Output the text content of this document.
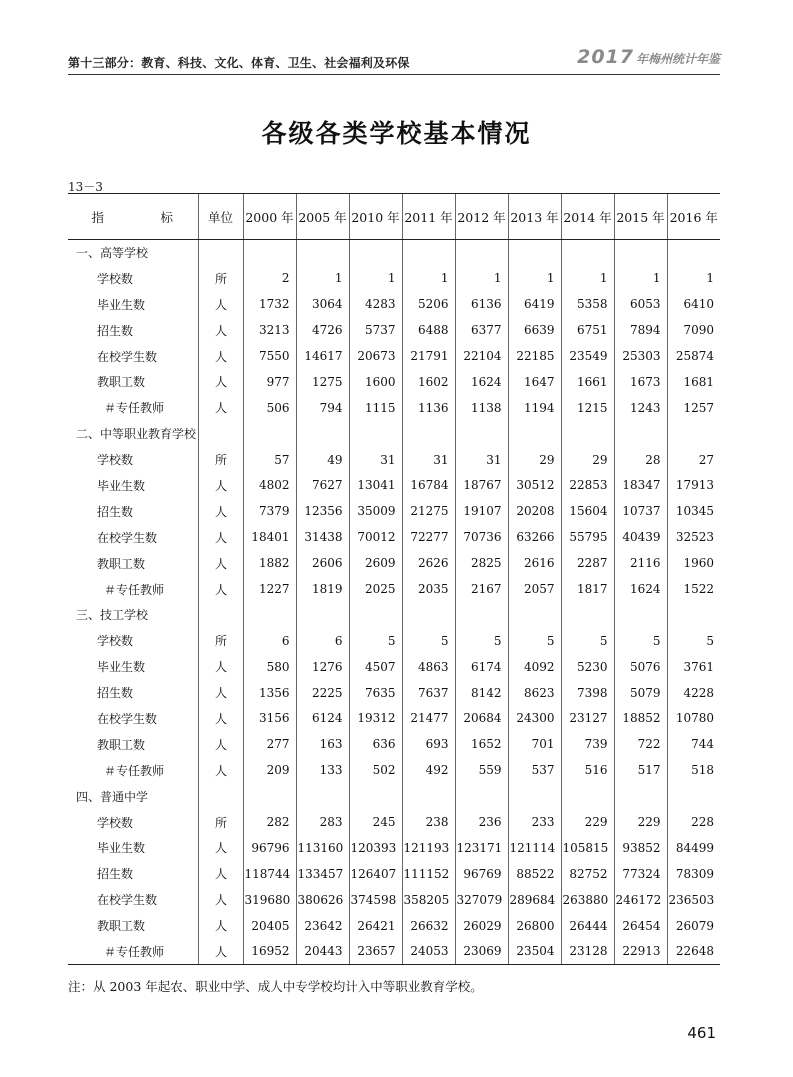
第十三部分：教育、科技、文化、体育、卫生、社会福利及环保	2017 年梅州统计年鉴
各级各类学校基本情况
13－3
指　标	单位	2000 年	2005 年	2010 年	2011 年	2012 年	2013 年	2014 年	2015 年	2016 年
一、高等学校										
学校数	所	2	1	1	1	1	1	1	1	1
毕业生数	人	1732	3064	4283	5206	6136	6419	5358	6053	6410
招生数	人	3213	4726	5737	6488	6377	6639	6751	7894	7090
在校学生数	人	7550	14617	20673	21791	22104	22185	23549	25303	25874
教职工数	人	977	1275	1600	1602	1624	1647	1661	1673	1681
＃专任教师	人	506	794	1115	1136	1138	1194	1215	1243	1257
二、中等职业教育学校										
学校数	所	57	49	31	31	31	29	29	28	27
毕业生数	人	4802	7627	13041	16784	18767	30512	22853	18347	17913
招生数	人	7379	12356	35009	21275	19107	20208	15604	10737	10345
在校学生数	人	18401	31438	70012	72277	70736	63266	55795	40439	32523
教职工数	人	1882	2606	2609	2626	2825	2616	2287	2116	1960
＃专任教师	人	1227	1819	2025	2035	2167	2057	1817	1624	1522
三、技工学校										
学校数	所	6	6	5	5	5	5	5	5	5
毕业生数	人	580	1276	4507	4863	6174	4092	5230	5076	3761
招生数	人	1356	2225	7635	7637	8142	8623	7398	5079	4228
在校学生数	人	3156	6124	19312	21477	20684	24300	23127	18852	10780
教职工数	人	277	163	636	693	1652	701	739	722	744
＃专任教师	人	209	133	502	492	559	537	516	517	518
四、普通中学										
学校数	所	282	283	245	238	236	233	229	229	228
毕业生数	人	96796	113160	120393	121193	123171	121114	105815	93852	84499
招生数	人	118744	133457	126407	111152	96769	88522	82752	77324	78309
在校学生数	人	319680	380626	374598	358205	327079	289684	263880	246172	236503
教职工数	人	20405	23642	26421	26632	26029	26800	26444	26454	26079
＃专任教师	人	16952	20443	23657	24053	23069	23504	23128	22913	22648
注：从 2003 年起农、职业中学、成人中专学校均计入中等职业教育学校。
461
